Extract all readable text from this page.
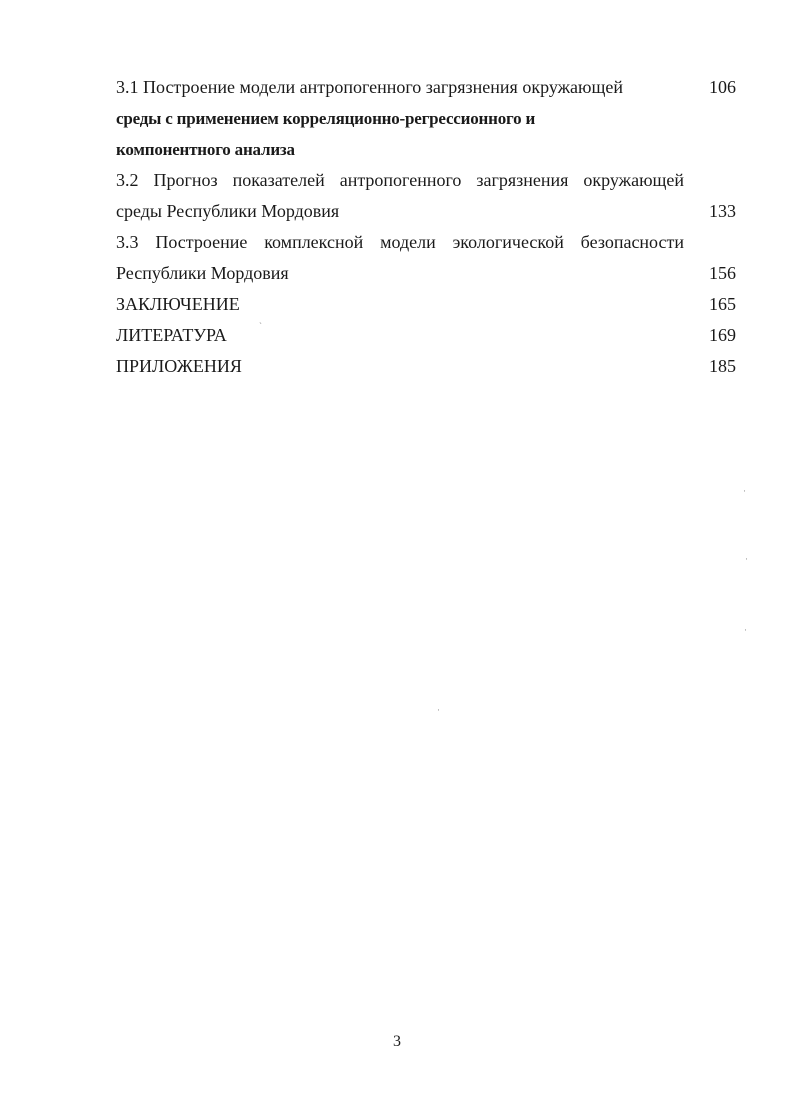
3.1 Построение модели антропогенного загрязнения окружающей	106
среды с применением корреляционно-регрессионного и
компонентного анализа
3.2 Прогноз показателей антропогенного загрязнения окружающей
среды Республики Мордовия	133
3.3 Построение комплексной модели экологической безопасности
Республики Мордовия	156
ЗАКЛЮЧЕНИЕ	165
ЛИТЕРАТУРА	169
ПРИЛОЖЕНИЯ	185
`
·
·
·
·
3
